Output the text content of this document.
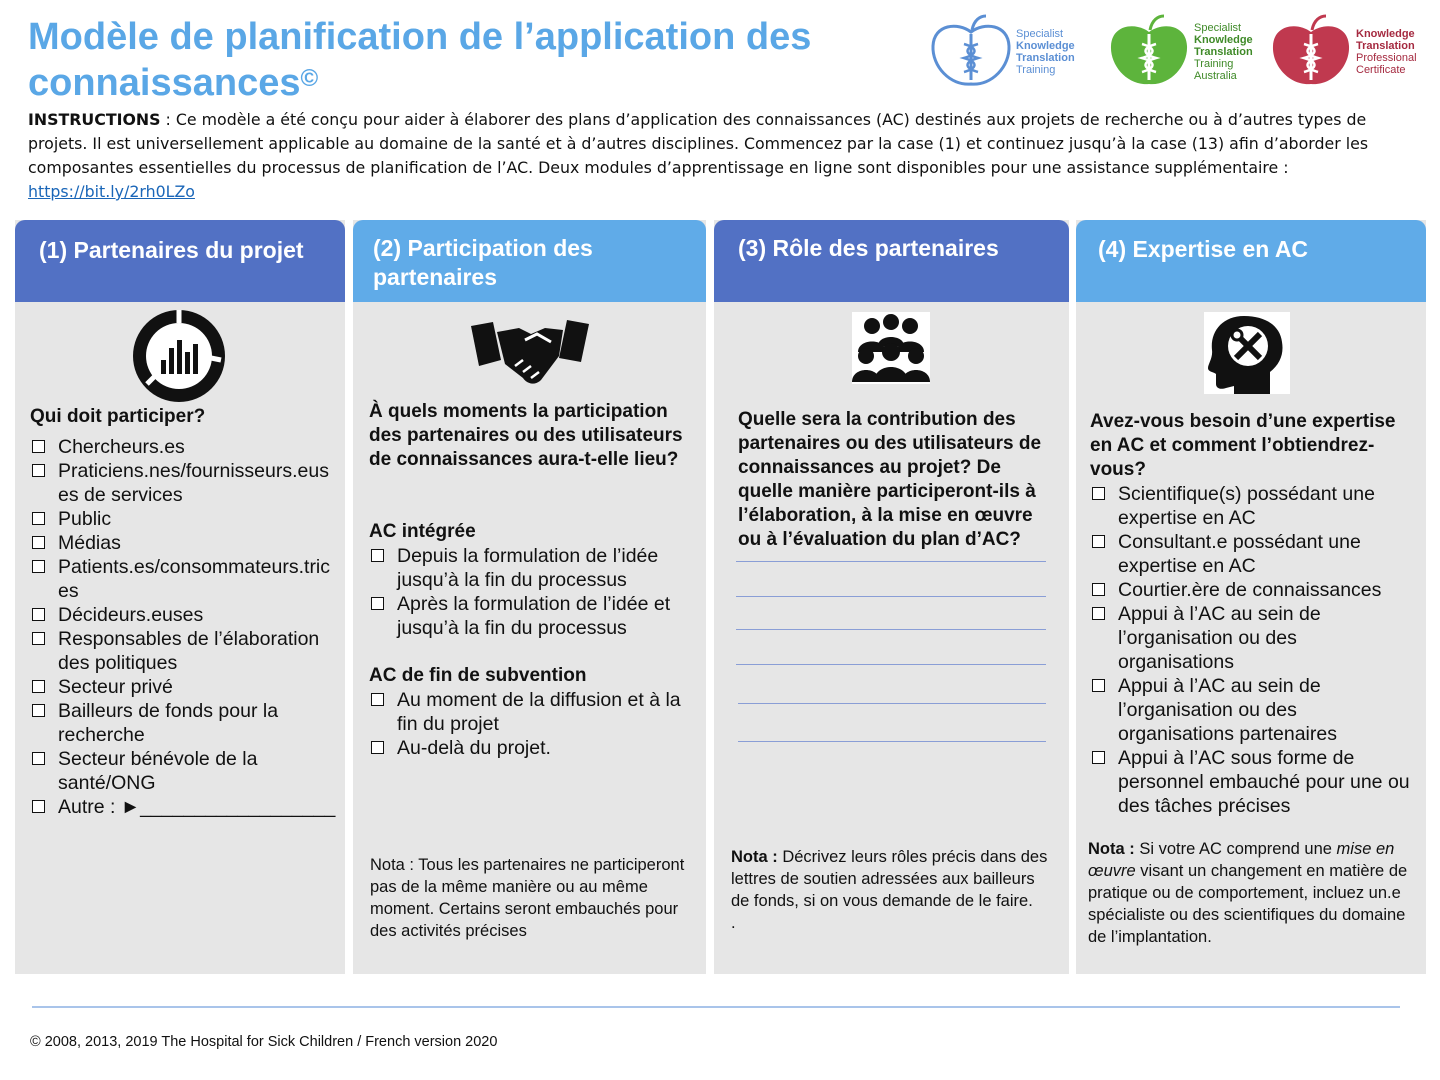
Modèle de planification de l’application des connaissances©
Specialist
Knowledge
Translation
Training
Specialist
Knowledge
Translation
Training
Australia
Knowledge
Translation
Professional
Certificate
INSTRUCTIONS : Ce modèle a été conçu pour aider à élaborer des plans d’application des connaissances (AC) destinés aux projets de recherche ou à d’autres types de projets. Il est universellement applicable au domaine de la santé et à d’autres disciplines. Commencez par la case (1) et continuez jusqu’à la case (13) afin d’aborder les composantes essentielles du processus de planification de l’AC. Deux modules d’apprentissage en ligne sont disponibles pour une assistance supplémentaire :
https://bit.ly/2rh0LZo
(1) Partenaires du projet
Qui doit participer?
Chercheurs.es
Praticiens.nes/fournisseurs.eus es de services
Public
Médias
Patients.es/consommateurs.trices
Décideurs.euses
Responsables de l’élaboration des politiques
Secteur privé
Bailleurs de fonds pour la recherche
Secteur bénévole de la santé/ONG
Autre : ►__________________
(2) Participation des partenaires
À quels moments la participation des partenaires ou des utilisateurs de connaissances aura-t-elle lieu?
AC intégrée
Depuis la formulation de l’idée jusqu’à la fin du processus
Après la formulation de l’idée et jusqu’à la fin du processus
AC de fin de subvention
Au moment de la diffusion et à la fin du projet
Au-delà du projet.
Nota : Tous les partenaires ne participeront pas de la même manière ou au même moment. Certains seront embauchés pour des activités précises
(3) Rôle des partenaires
Quelle sera la contribution des partenaires ou des utilisateurs de connaissances au projet? De quelle manière participeront-ils à l’élaboration, à la mise en œuvre ou à l’évaluation du plan d’AC?
Nota : Décrivez leurs rôles précis dans des lettres de soutien adressées aux bailleurs de fonds, si on vous demande de le faire.
.
(4) Expertise en AC
Avez-vous besoin d’une expertise en AC et comment l’obtiendrez-vous?
Scientifique(s) possédant une expertise en AC
Consultant.e possédant une expertise en AC
Courtier.ère de connaissances
Appui à l’AC au sein de l’organisation ou des organisations
Appui à l’AC au sein de l’organisation ou des organisations partenaires
Appui à l’AC sous forme de personnel embauché pour une ou des tâches précises
Nota : Si votre AC comprend une mise en œuvre visant un changement en matière de pratique ou de comportement, incluez un.e spécialiste ou des scientifiques du domaine de l’implantation.
© 2008, 2013, 2019 The Hospital for Sick Children / French version 2020
